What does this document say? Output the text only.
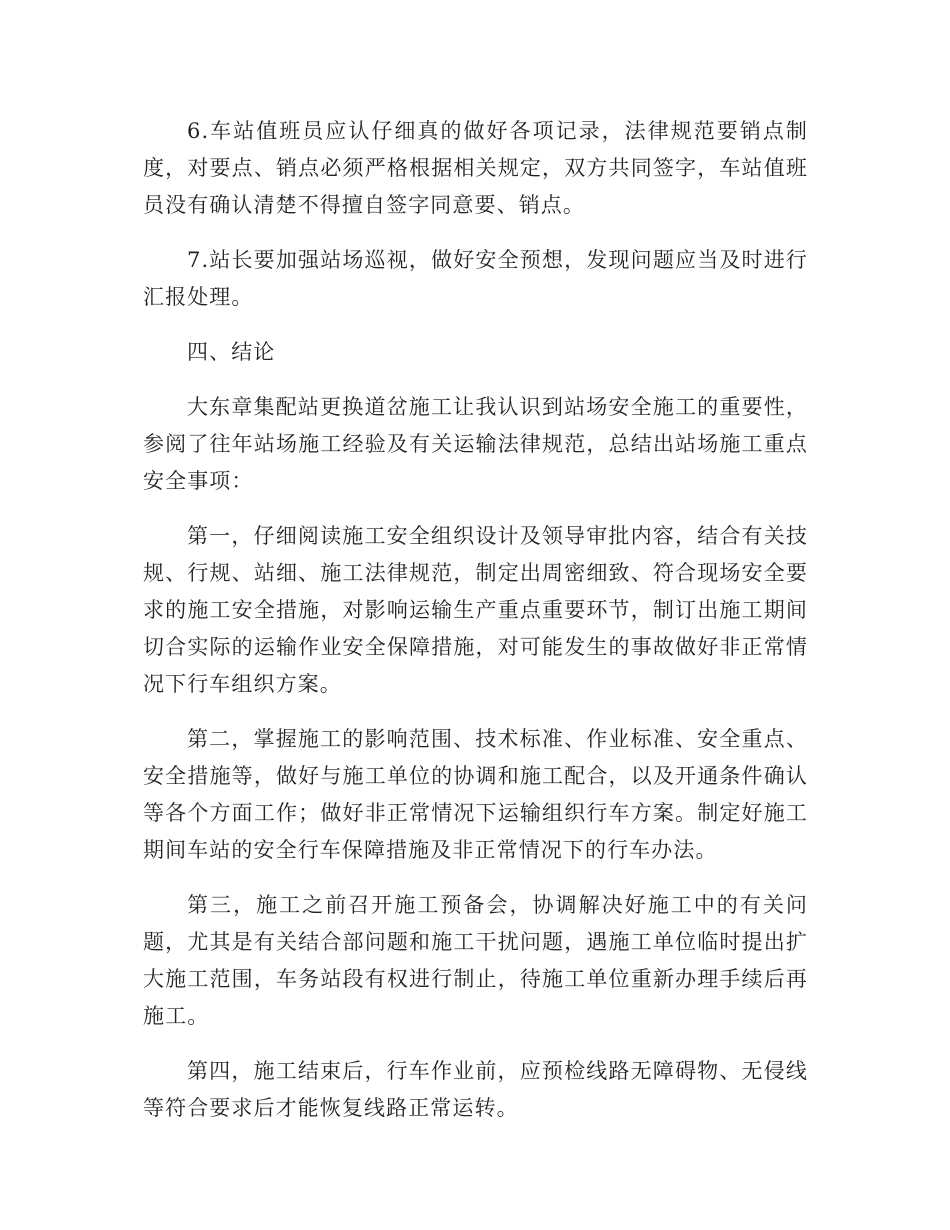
6.车站值班员应认仔细真的做好各项记录，法律规范要销点制度，对要点、销点必须严格根据相关规定，双方共同签字，车站值班员没有确认清楚不得擅自签字同意要、销点。

7.站长要加强站场巡视，做好安全预想，发现问题应当及时进行汇报处理。

四、结论

大东章集配站更换道岔施工让我认识到站场安全施工的重要性，参阅了往年站场施工经验及有关运输法律规范，总结出站场施工重点安全事项：

第一，仔细阅读施工安全组织设计及领导审批内容，结合有关技规、行规、站细、施工法律规范，制定出周密细致、符合现场安全要求的施工安全措施，对影响运输生产重点重要环节，制订出施工期间切合实际的运输作业安全保障措施，对可能发生的事故做好非正常情况下行车组织方案。

第二，掌握施工的影响范围、技术标准、作业标准、安全重点、安全措施等，做好与施工单位的协调和施工配合，以及开通条件确认等各个方面工作；做好非正常情况下运输组织行车方案。制定好施工期间车站的安全行车保障措施及非正常情况下的行车办法。

第三，施工之前召开施工预备会，协调解决好施工中的有关问题，尤其是有关结合部问题和施工干扰问题，遇施工单位临时提出扩大施工范围，车务站段有权进行制止，待施工单位重新办理手续后再施工。

第四，施工结束后，行车作业前，应预检线路无障碍物、无侵线等符合要求后才能恢复线路正常运转。
